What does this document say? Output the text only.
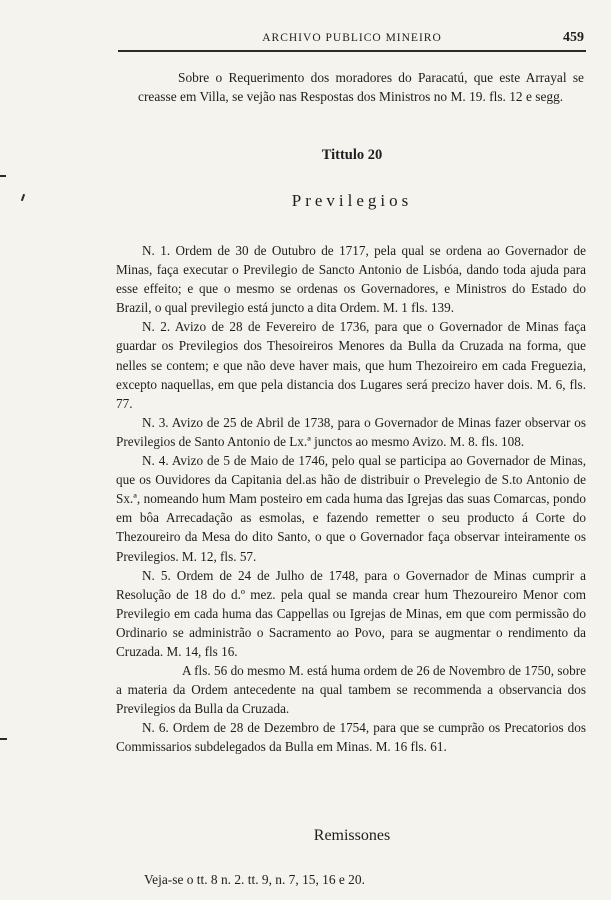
ARCHIVO PUBLICO MINEIRO	459

Sobre o Requerimento dos moradores do Paracatú, que este Arrayal se creasse em Villa, se vejão nas Respostas dos Ministros no M. 19. fls. 12 e segg.

Tittulo 20
Previlegios

N. 1. Ordem de 30 de Outubro de 1717, pela qual se ordena ao Governador de Minas, faça executar o Previlegio de Sancto Antonio de Lisbóa, dando toda ajuda para esse effeito; e que o mesmo se ordenas os Governadores, e Ministros do Estado do Brazil, o qual previlegio está juncto a dita Ordem. M. 1 fls. 139.

N. 2. Avizo de 28 de Fevereiro de 1736, para que o Governador de Minas faça guardar os Previlegios dos Thesoireiros Menores da Bulla da Cruzada na forma, que nelles se contem; e que não deve haver mais, que hum Thezoireiro em cada Freguezia, excepto naquellas, em que pela distancia dos Lugares será precizo haver dois. M. 6, fls. 77.

N. 3. Avizo de 25 de Abril de 1738, para o Governador de Minas fazer observar os Previlegios de Santo Antonio de Lx.ª junctos ao mesmo Avizo. M. 8. fls. 108.

N. 4. Avizo de 5 de Maio de 1746, pelo qual se participa ao Governador de Minas, que os Ouvidores da Capitania del.as hão de distribuir o Prevelegio de S.to Antonio de Sx.ª, nomeando hum Mam posteiro em cada huma das Igrejas das suas Comarcas, pondo em bôa Arrecadação as esmolas, e fazendo remetter o seu producto á Corte do Thezoureiro da Mesa do dito Santo, o que o Governador faça observar inteiramente os Previlegios. M. 12, fls. 57.

N. 5. Ordem de 24 de Julho de 1748, para o Governador de Minas cumprir a Resolução de 18 do d.º mez. pela qual se manda crear hum Thezoureiro Menor com Previlegio em cada huma das Cappellas ou Igrejas de Minas, em que com permissão do Ordinario se administrão o Sacramento ao Povo, para se augmentar o rendimento da Cruzada. M. 14, fls 16.

A fls. 56 do mesmo M. está huma ordem de 26 de Novembro de 1750, sobre a materia da Ordem antecedente na qual tambem se recommenda a observancia dos Previlegios da Bulla da Cruzada.

N. 6. Ordem de 28 de Dezembro de 1754, para que se cumprão os Precatorios dos Commissarios subdelegados da Bulla em Minas. M. 16 fls. 61.

Remissones
Veja-se o tt. 8 n. 2. tt. 9, n. 7, 15, 16 e 20.
